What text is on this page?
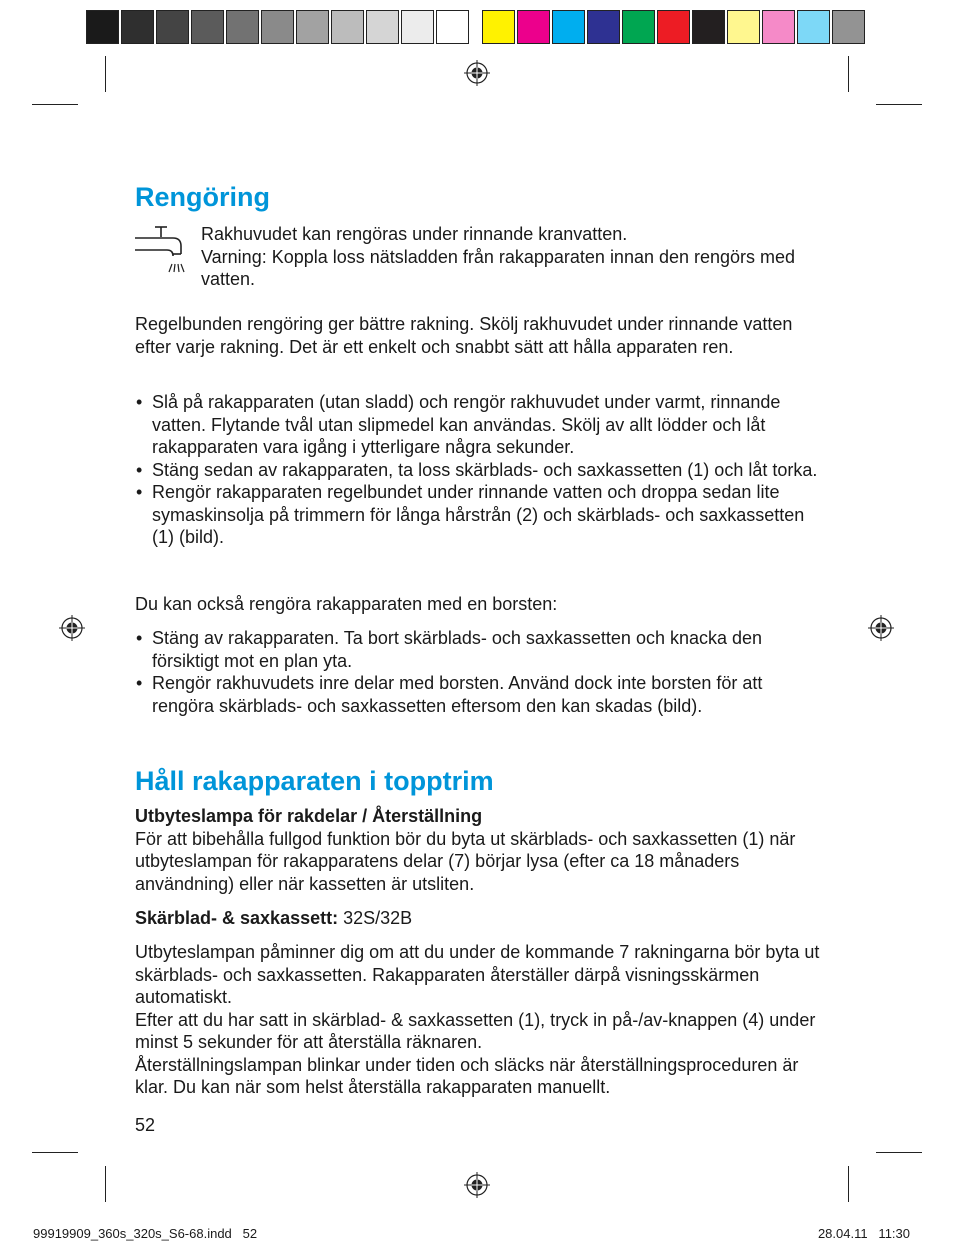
Rengöring

Rakhuvudet kan rengöras under rinnande kranvatten.

Varning: Koppla loss nätsladden från rakapparaten innan den rengörs med vatten.

Regelbunden rengöring ger bättre rakning. Skölj rakhuvudet under rinnande vatten efter varje rakning. Det är ett enkelt och snabbt sätt att hålla apparaten ren.

• Slå på rakapparaten (utan sladd) och rengör rakhuvudet under varmt, rinnande vatten. Flytande tvål utan slipmedel kan användas. Skölj av allt lödder och låt rakapparaten vara igång i ytterligare några sekunder.
• Stäng sedan av rakapparaten, ta loss skärblads- och saxkassetten (1) och låt torka.
• Rengör rakapparaten regelbundet under rinnande vatten och droppa sedan lite symaskinsolja på trimmern för långa hårstrån (2) och skärblads- och saxkassetten (1) (bild).

Du kan också rengöra rakapparaten med en borsten:

• Stäng av rakapparaten. Ta bort skärblads- och saxkassetten och knacka den försiktigt mot en plan yta.
• Rengör rakhuvudets inre delar med borsten. Använd dock inte borsten för att rengöra skärblads- och saxkassetten eftersom den kan skadas (bild).
Håll rakapparaten i topptrim

Utbyteslampa för rakdelar / Återställning

För att bibehålla fullgod funktion bör du byta ut skärblads- och saxkassetten (1) när utbyteslampan för rakapparatens delar (7) börjar lysa (efter ca 18 månaders användning) eller när kassetten är utsliten.

Skärblad- & saxkassett: 32S/32B

Utbyteslampan påminner dig om att du under de kommande 7 rakningarna bör byta ut skärblads- och saxkassetten. Rakapparaten återställer därpå visningsskärmen automatiskt.

Efter att du har satt in skärblad- & saxkassetten (1), tryck in på-/av-knappen (4) under minst 5 sekunder för att återställa räknaren.

Återställningslampan blinkar under tiden och släcks när återställningsproceduren är klar. Du kan när som helst återställa rakapparaten manuellt.

52

99919909_360s_320s_S6-68.indd   52	28.04.11   11:30
